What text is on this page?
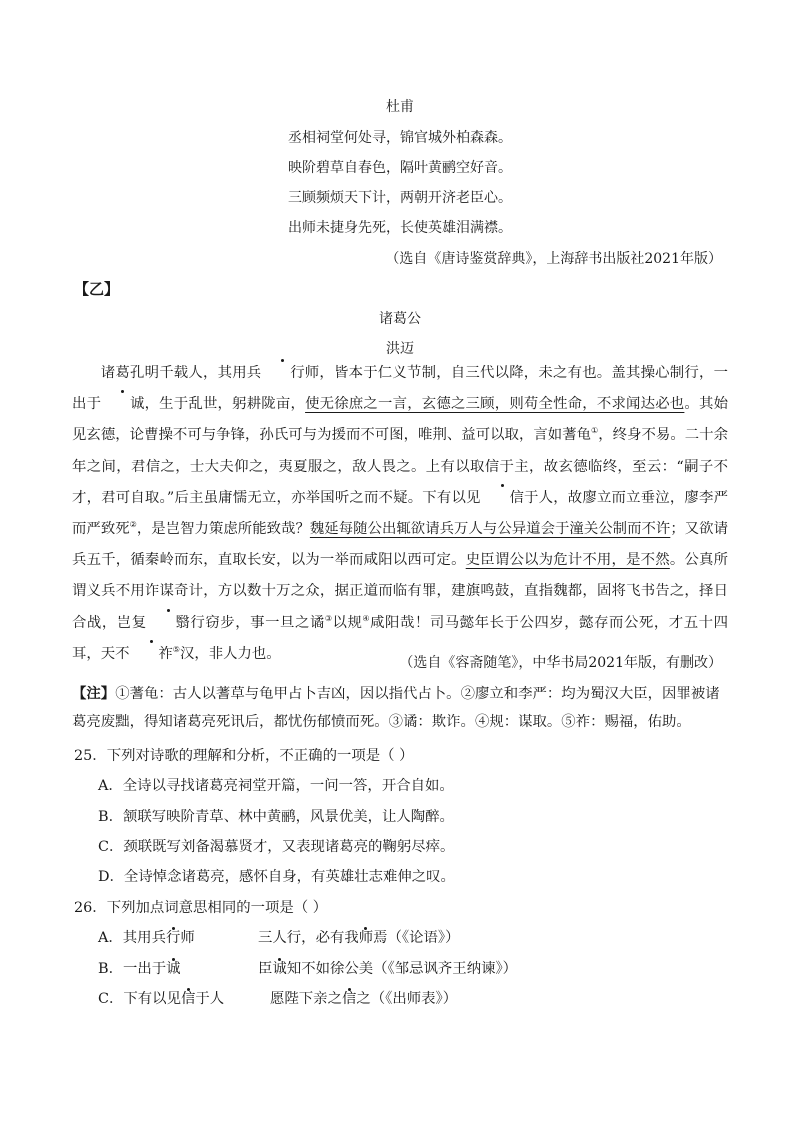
杜甫
丞相祠堂何处寻，锦官城外柏森森。
映阶碧草自春色，隔叶黄鹂空好音。
三顾频烦天下计，两朝开济老臣心。
出师未捷身先死，长使英雄泪满襟。
（选自《唐诗鉴赏辞典》，上海辞书出版社2021年版）
【乙】
诸葛公
洪迈
诸葛孔明千载人，其用兵 行师，皆本于仁义节制，自三代以降，未之有也。盖其操心制行，一出于 诚，生于乱世，躬耕陇亩，使无徐庶之一言，玄德之三顾，则苟全性命，不求闻达必也。其始见玄德，论曹操不可与争锋，孙氏可与为援而不可图，唯荆、益可以取，言如蓍龟①，终身不易。二十余年之间，君信之，士大夫仰之，夷夏服之，敌人畏之。上有以取信于主，故玄德临终，至云：“嗣子不才，君可自取。”后主虽庸懦无立，亦举国听之而不疑。下有以见 信于人，故廖立而立垂泣，廖李严而严致死②，是岂智力策虑所能致哉？魏延每随公出辄欲请兵万人与公异道会于潼关公制而不许；又欲请兵五千，循秦岭而东，直取长安，以为一举而咸阳以西可定。史臣谓公以为危计不用，是不然。公真所谓义兵不用诈谋奇计，方以数十万之众，据正道而临有罪，建旗鸣鼓，直指魏都，固将飞书告之，择日合战，岂复 翳行窃步，事一旦之谲③以规④咸阳哉！司马懿年长于公四岁，懿存而公死，才五十四耳，天不 祚⑤汉，非人力也。
（选自《容斋随笔》，中华书局2021年版，有删改）
【注】①蓍龟：古人以蓍草与龟甲占卜吉凶，因以指代占卜。②廖立和李严：均为蜀汉大臣，因罪被诸葛亮废黜，得知诸葛亮死讯后，都忧伤郁愤而死。③谲：欺诈。④规：谋取。⑤祚：赐福，佑助。
25．下列对诗歌的理解和分析，不正确的一项是（ ）
A．全诗以寻找诸葛亮祠堂开篇，一问一答，开合自如。
B．颔联写映阶青草、林中黄鹂，风景优美，让人陶醉。
C．颈联既写刘备渴慕贤才，又表现诸葛亮的鞠躬尽瘁。
D．全诗悼念诸葛亮，感怀自身，有英雄壮志难伸之叹。
26．下列加点词意思相同的一项是（ ）
A．其用兵行师	三人行，必有我师焉（《论语》）
B．一出于诚	臣诚知不如徐公美（《邹忌讽齐王纳谏》）
C．下有以见信于人	愿陛下亲之信之（《出师表》）
